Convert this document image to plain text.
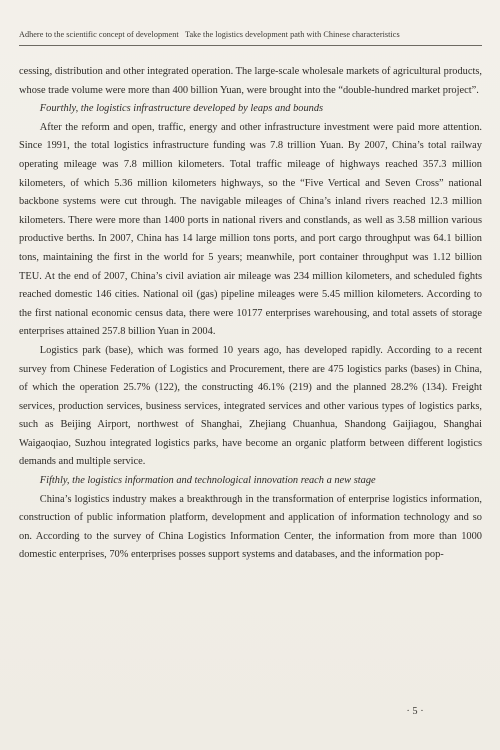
Adhere to the scientific concept of development Take the logistics development path with Chinese characteristics

cessing, distribution and other integrated operation. The large-scale wholesale markets of agricultural products, whose trade volume were more than 400 billion Yuan, were brought into the “double-hundred market project”.

Fourthly, the logistics infrastructure developed by leaps and bounds

After the reform and open, traffic, energy and other infrastructure investment were paid more attention. Since 1991, the total logistics infrastructure funding was 7.8 trillion Yuan. By 2007, China’s total railway operating mileage was 7.8 million kilometers. Total traffic mileage of highways reached 357.3 million kilometers, of which 5.36 million kilometers highways, so the “Five Vertical and Seven Cross” national backbone systems were cut through. The navigable mileages of China’s inland rivers reached 12.3 million kilometers. There were more than 1400 ports in national rivers and constlands, as well as 3.58 million various productive berths. In 2007, China has 14 large million tons ports, and port cargo throughput was 64.1 billion tons, maintaining the first in the world for 5 years; meanwhile, port container throughput was 1.12 billion TEU. At the end of 2007, China’s civil aviation air mileage was 234 million kilometers, and scheduled fights reached domestic 146 cities. National oil (gas) pipeline mileages were 5.45 million kilometers. According to the first national economic census data, there were 10177 enterprises warehousing, and total assets of storage enterprises attained 257.8 billion Yuan in 2004.

Logistics park (base), which was formed 10 years ago, has developed rapidly. According to a recent survey from Chinese Federation of Logistics and Procurement, there are 475 logistics parks (bases) in China, of which the operation 25.7% (122), the constructing 46.1% (219) and the planned 28.2% (134). Freight services, production services, business services, integrated services and other various types of logistics parks, such as Beijing Airport, northwest of Shanghai, Zhejiang Chuanhua, Shandong Gaijiagou, Shanghai Waigaoqiao, Suzhou integrated logistics parks, have become an organic platform between different logistics demands and multiple service.

Fifthly, the logistics information and technological innovation reach a new stage

China’s logistics industry makes a breakthrough in the transformation of enterprise logistics information, construction of public information platform, development and application of information technology and so on. According to the survey of China Logistics Information Center, the information from more than 1000 domestic enterprises, 70% enterprises posses support systems and databases, and the information pop-

· 5 ·
